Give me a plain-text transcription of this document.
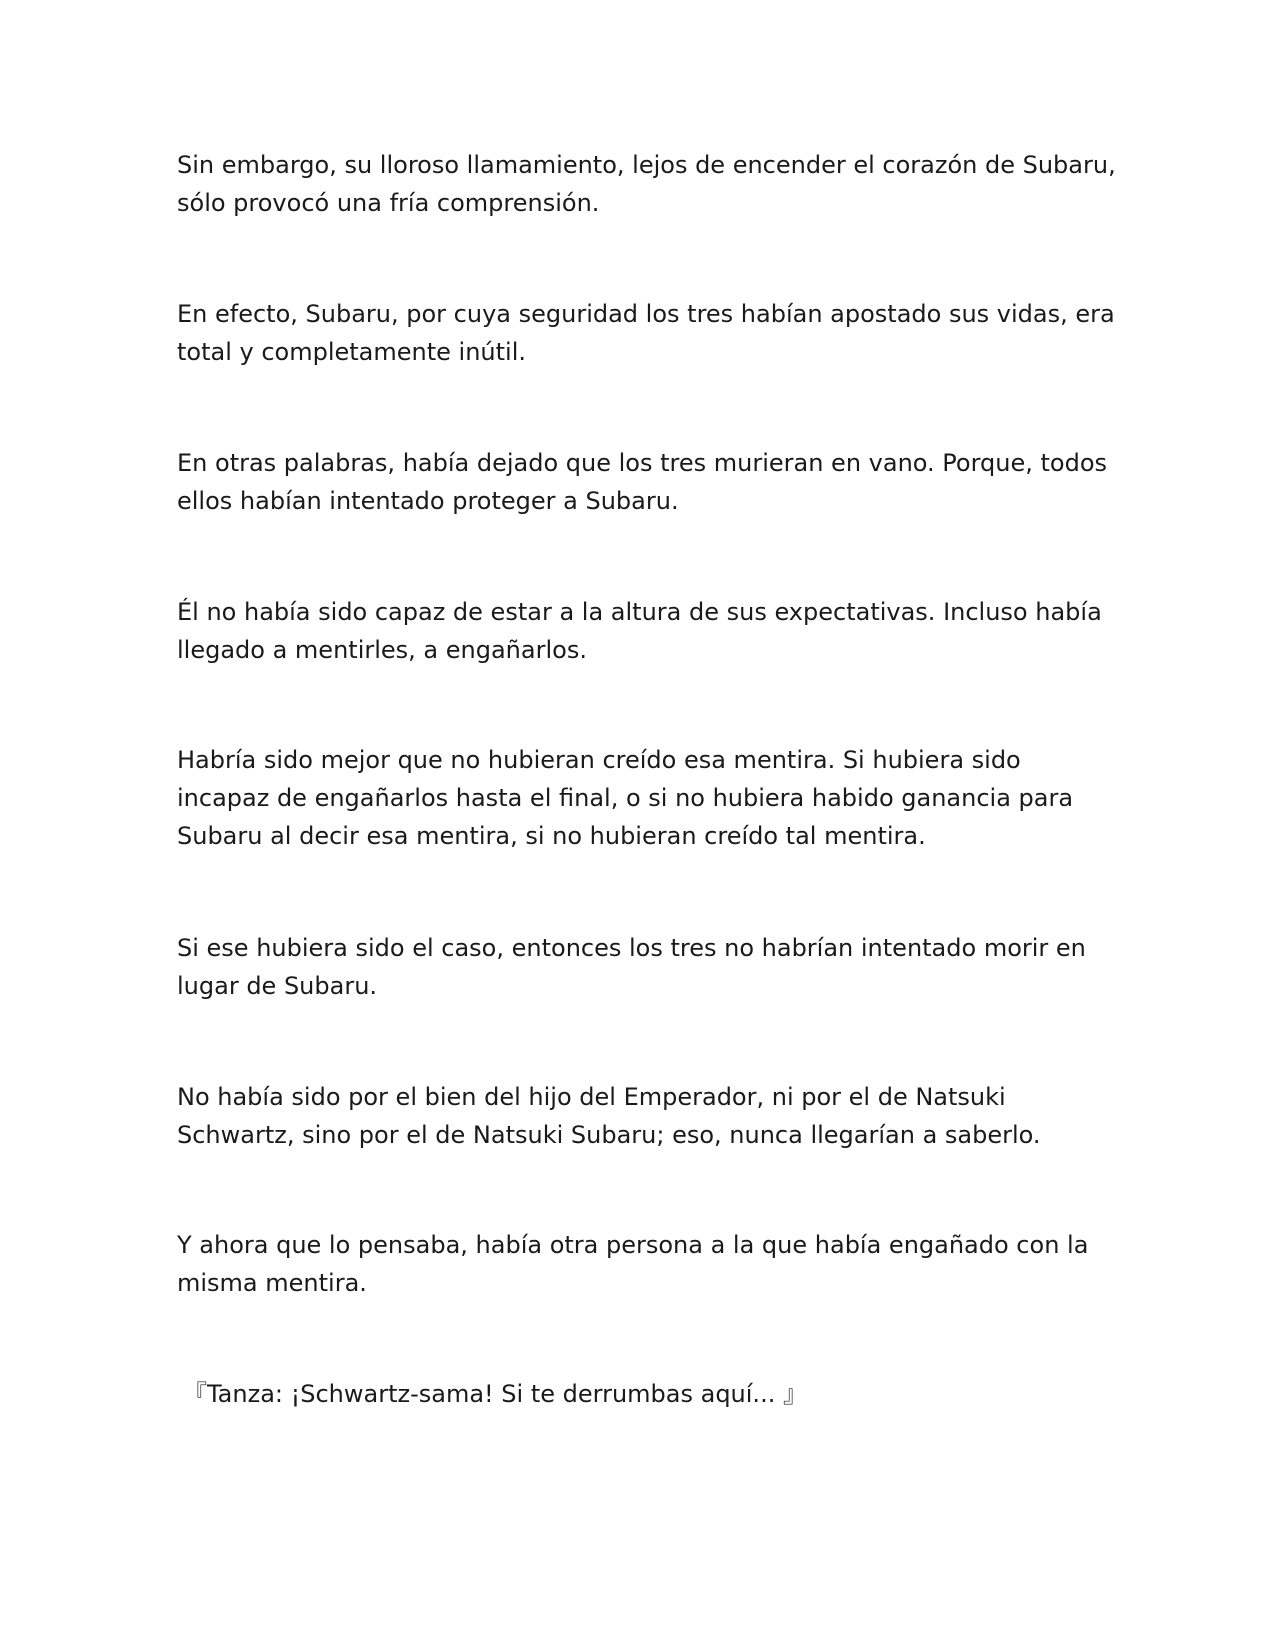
Sin embargo, su lloroso llamamiento, lejos de encender el corazón de Subaru,
sólo provocó una fría comprensión.

En efecto, Subaru, por cuya seguridad los tres habían apostado sus vidas, era
total y completamente inútil.

En otras palabras, había dejado que los tres murieran en vano. Porque, todos
ellos habían intentado proteger a Subaru.

Él no había sido capaz de estar a la altura de sus expectativas. Incluso había
llegado a mentirles, a engañarlos.

Habría sido mejor que no hubieran creído esa mentira. Si hubiera sido
incapaz de engañarlos hasta el final, o si no hubiera habido ganancia para
Subaru al decir esa mentira, si no hubieran creído tal mentira.

Si ese hubiera sido el caso, entonces los tres no habrían intentado morir en
lugar de Subaru.

No había sido por el bien del hijo del Emperador, ni por el de Natsuki
Schwartz, sino por el de Natsuki Subaru; eso, nunca llegarían a saberlo.

Y ahora que lo pensaba, había otra persona a la que había engañado con la
misma mentira.

『Tanza: ¡Schwartz-sama! Si te derrumbas aquí... 』
